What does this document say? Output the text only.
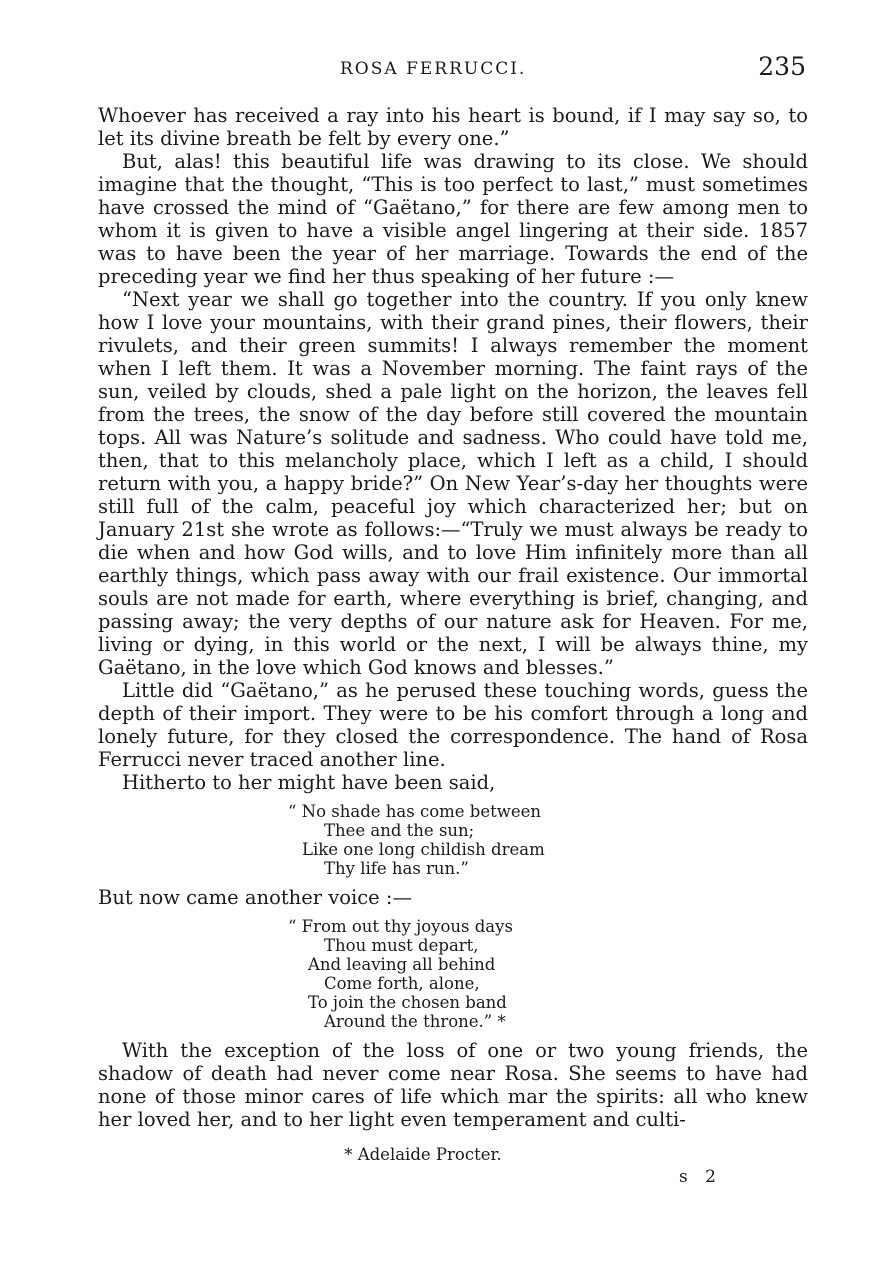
ROSA FERRUCCI.	235

Whoever has received a ray into his heart is bound, if I may say so, to let its divine breath be felt by every one.”

But, alas! this beautiful life was drawing to its close. We should imagine that the thought, “This is too perfect to last,” must sometimes have crossed the mind of “Gaëtano,” for there are few among men to whom it is given to have a visible angel lingering at their side. 1857 was to have been the year of her marriage. Towards the end of the preceding year we find her thus speaking of her future :—

“Next year we shall go together into the country. If you only knew how I love your mountains, with their grand pines, their flowers, their rivulets, and their green summits! I always remember the moment when I left them. It was a November morning. The faint rays of the sun, veiled by clouds, shed a pale light on the horizon, the leaves fell from the trees, the snow of the day before still covered the mountain tops. All was Nature’s solitude and sadness. Who could have told me, then, that to this melancholy place, which I left as a child, I should return with you, a happy bride?” On New Year’s-day her thoughts were still full of the calm, peaceful joy which characterized her; but on January 21st she wrote as follows:—“Truly we must always be ready to die when and how God wills, and to love Him infinitely more than all earthly things, which pass away with our frail existence. Our immortal souls are not made for earth, where everything is brief, changing, and passing away; the very depths of our nature ask for Heaven. For me, living or dying, in this world or the next, I will be always thine, my Gaëtano, in the love which God knows and blesses.”

Little did “Gaëtano,” as he perused these touching words, guess the depth of their import. They were to be his comfort through a long and lonely future, for they closed the correspondence. The hand of Rosa Ferrucci never traced another line.

Hitherto to her might have been said,

“ No shade has come between
Thee and the sun;
Like one long childish dream
Thy life has run.”

But now came another voice :—

“ From out thy joyous days
Thou must depart,
And leaving all behind
Come forth, alone,
To join the chosen band
Around the throne.” *

With the exception of the loss of one or two young friends, the shadow of death had never come near Rosa. She seems to have had none of those minor cares of life which mar the spirits: all who knew her loved her, and to her light even temperament and culti-

* Adelaide Procter.
s 2
